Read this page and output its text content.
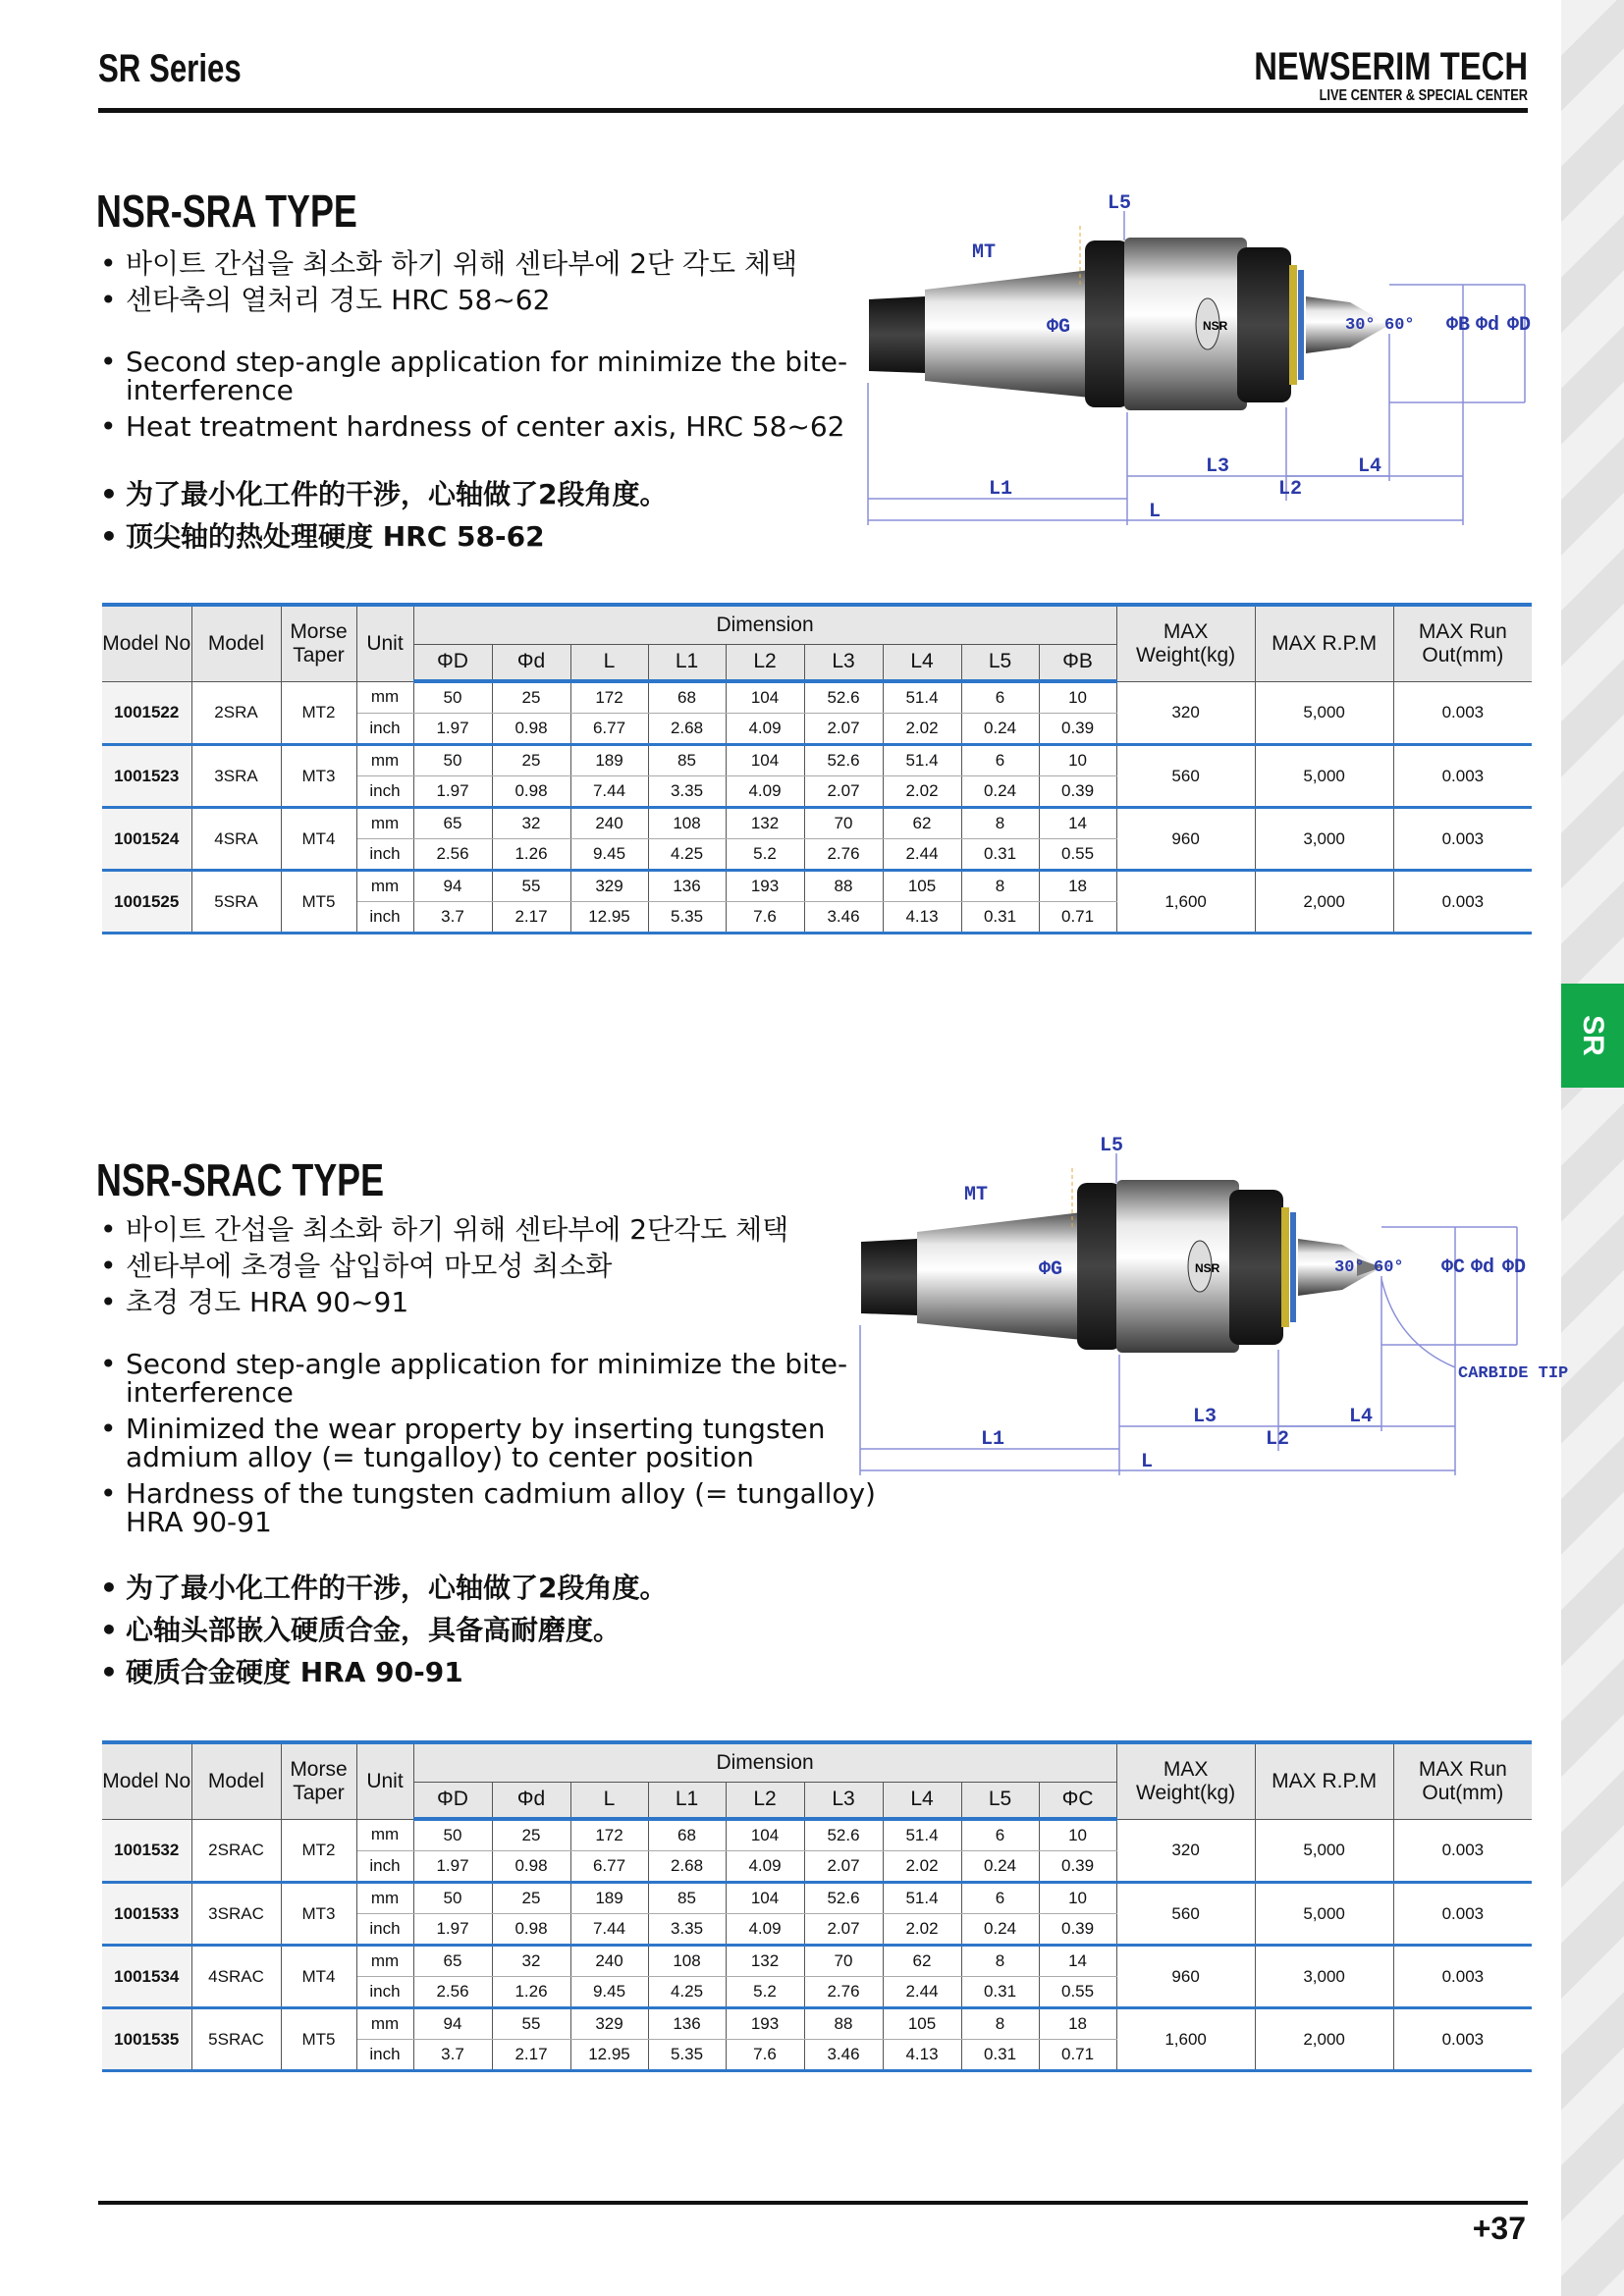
SR Series	NEWSERIM TECH
LIVE CENTER & SPECIAL CENTER
SR
NSR-SRA TYPE
• 바이트 간섭을 최소화 하기 위해 센타부에 2단 각도 체택
• 센타축의 열처리 경도 HRC 58~62
• Second step-angle application for minimize the bite-interference
• Heat treatment hardness of center axis, HRC 58~62
• 为了最小化工件的干涉，心轴做了2段角度。
• 顶尖轴的热处理硬度 HRC 58-62
NSR
MT
L5
ΦG	30° 60° ΦB Φd ΦD
L1
L3
L2
L4
L
Model No	Model	Morse Taper	Unit	Dimension									MAX Weight(kg)	MAX R.P.M	MAX Run Out(mm)
				ΦD	Φd	L	L1	L2	L3	L4	L5	ΦB			
1001522	2SRA	MT2	mm	50	25	172	68	104	52.6	51.4	6	10	320	5,000	0.003
			inch	1.97	0.98	6.77	2.68	4.09	2.07	2.02	0.24	0.39			
1001523	3SRA	MT3	mm	50	25	189	85	104	52.6	51.4	6	10	560	5,000	0.003
			inch	1.97	0.98	7.44	3.35	4.09	2.07	2.02	0.24	0.39			
1001524	4SRA	MT4	mm	65	32	240	108	132	70	62	8	14	960	3,000	0.003
			inch	2.56	1.26	9.45	4.25	5.2	2.76	2.44	0.31	0.55			
1001525	5SRA	MT5	mm	94	55	329	136	193	88	105	8	18	1,600	2,000	0.003
			inch	3.7	2.17	12.95	5.35	7.6	3.46	4.13	0.31	0.71			
NSR-SRAC TYPE
• 바이트 간섭을 최소화 하기 위해 센타부에 2단각도 체택
• 센타부에 초경을 삽입하여 마모성 최소화
• 초경 경도 HRA 90~91
• Second step-angle application for minimize the bite-interference
• Minimized the wear property by inserting tungsten admium alloy (= tungalloy) to center position
• Hardness of the tungsten cadmium alloy (= tungalloy) HRA 90-91
• 为了最小化工件的干涉，心轴做了2段角度。
• 心轴头部嵌入硬质合金，具备高耐磨度。
• 硬质合金硬度 HRA 90-91
NSR
MT
L5
ΦG	30° 60° ΦC Φd ΦD
CARBIDE TIP
L1
L3
L2
L4
L
Model No	Model	Morse Taper	Unit	Dimension									MAX Weight(kg)	MAX R.P.M	MAX Run Out(mm)
				ΦD	Φd	L	L1	L2	L3	L4	L5	ΦC			
1001532	2SRAC	MT2	mm	50	25	172	68	104	52.6	51.4	6	10	320	5,000	0.003
			inch	1.97	0.98	6.77	2.68	4.09	2.07	2.02	0.24	0.39			
1001533	3SRAC	MT3	mm	50	25	189	85	104	52.6	51.4	6	10	560	5,000	0.003
			inch	1.97	0.98	7.44	3.35	4.09	2.07	2.02	0.24	0.39			
1001534	4SRAC	MT4	mm	65	32	240	108	132	70	62	8	14	960	3,000	0.003
			inch	2.56	1.26	9.45	4.25	5.2	2.76	2.44	0.31	0.55			
1001535	5SRAC	MT5	mm	94	55	329	136	193	88	105	8	18	1,600	2,000	0.003
			inch	3.7	2.17	12.95	5.35	7.6	3.46	4.13	0.31	0.71			
+37
